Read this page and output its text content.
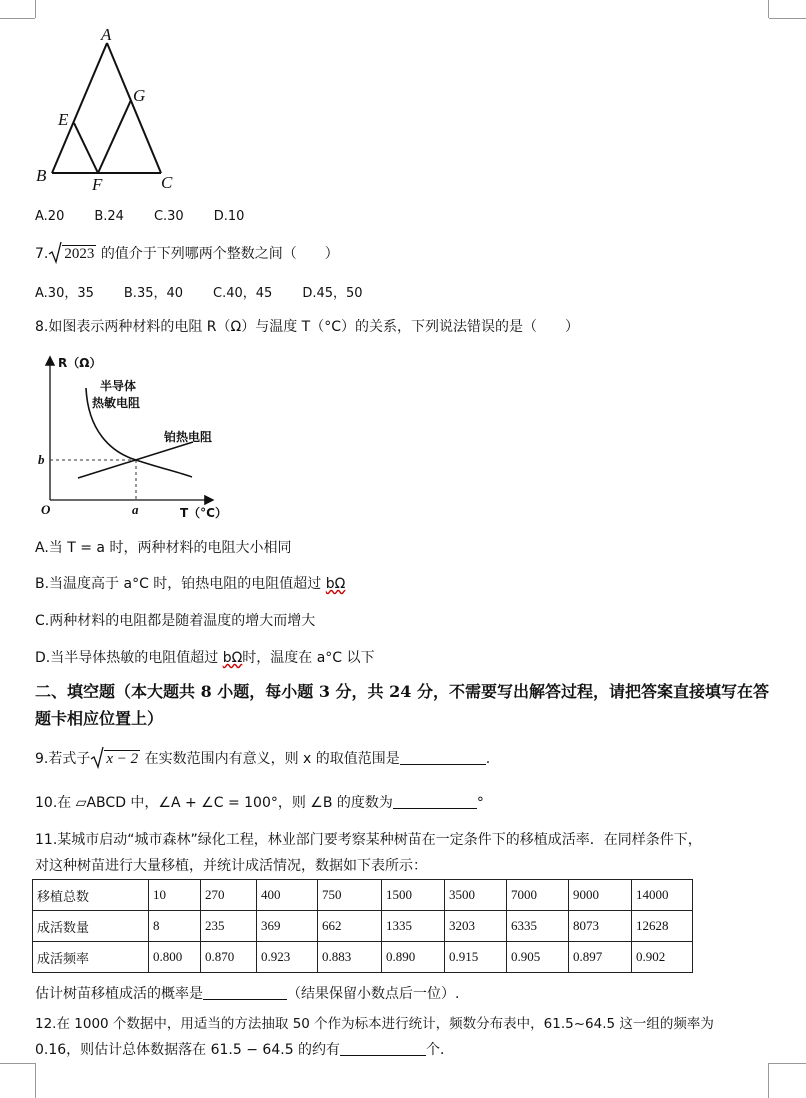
A
E
G
B	F	C
A.20 B.24 C.30 D.10
7. 2023 的值介于下列哪两个整数之间（　　）
A.30，35 B.35，40 C.40，45 D.45，50
8.如图表示两种材料的电阻 R（Ω）与温度 T（°C）的关系，下列说法错误的是（　　）
R（Ω）
T（°C）
O	a
b
半导体
热敏电阻
铂热电阻
A.当 T = a 时，两种材料的电阻大小相同
B.当温度高于 a°C 时，铂热电阻的电阻值超过 bΩ
C.两种材料的电阻都是随着温度的增大而增大
D.当半导体热敏的电阻值超过 bΩ时，温度在 a°C 以下
二、填空题（本大题共 8 小题，每小题 3 分，共 24 分，不需要写出解答过程，请把答案直接填写在答题卡相应位置上）
9.若式子 x − 2 在实数范围内有意义，则 x 的取值范围是	.
10.在 ▱ABCD 中，∠A + ∠C = 100°，则 ∠B 的度数为	°
11.某城市启动“城市森林”绿化工程，林业部门要考察某种树苗在一定条件下的移植成活率．在同样条件下，
对这种树苗进行大量移植，并统计成活情况，数据如下表所示：
移植总数	10	270	400	750	1500	3500	7000	9000	14000
成活数量	8	235	369	662	1335	3203	6335	8073	12628
成活频率	0.800	0.870	0.923	0.883	0.890	0.915	0.905	0.897	0.902
估计树苗移植成活的概率是	（结果保留小数点后一位）.
12.在 1000 个数据中，用适当的方法抽取 50 个作为标本进行统计，频数分布表中，61.5~64.5 这一组的频率为
0.16，则估计总体数据落在 61.5 − 64.5 的约有	个．
